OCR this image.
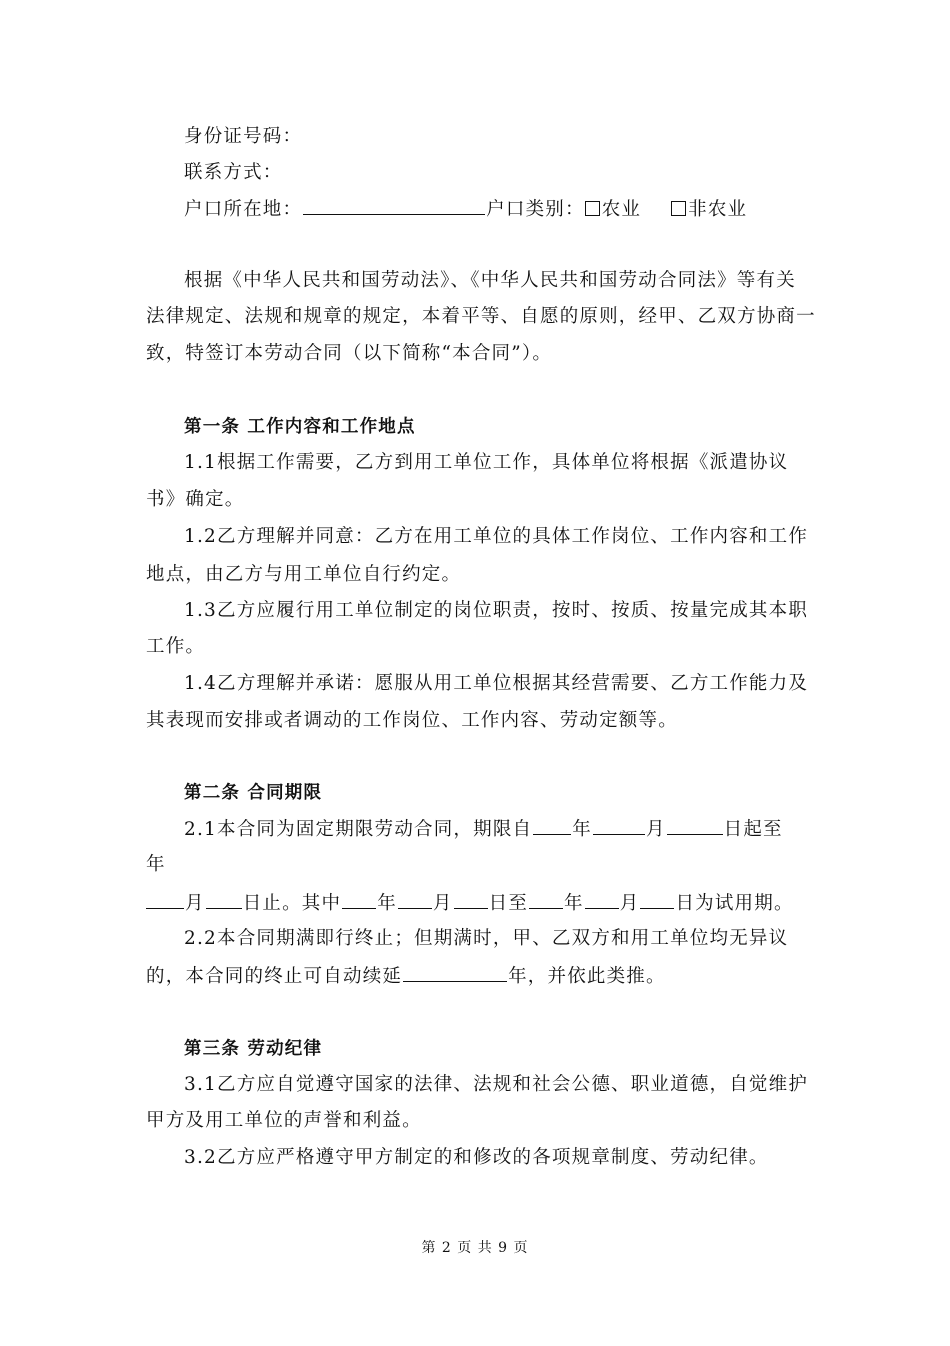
身份证号码：
联系方式：
户口所在地：	户口类别： 农业	非农业
根据《中华人民共和国劳动法》、《中华人民共和国劳动合同法》等有关
法律规定、法规和规章的规定，本着平等、自愿的原则，经甲、乙双方协商一
致，特签订本劳动合同（以下简称“本合同”）。
第一条 工作内容和工作地点
1.1根据工作需要，乙方到用工单位工作，具体单位将根据《派遣协议
书》确定。
1.2乙方理解并同意：乙方在用工单位的具体工作岗位、工作内容和工作
地点，由乙方与用工单位自行约定。
1.3乙方应履行用工单位制定的岗位职责，按时、按质、按量完成其本职
工作。
1.4乙方理解并承诺：愿服从用工单位根据其经营需要、乙方工作能力及
其表现而安排或者调动的工作岗位、工作内容、劳动定额等。
第二条 合同期限
2.1本合同为固定期限劳动合同，期限自 年	月	日起至
年
月 日止。其中 年 月 日至 年 月 日为试用期。
2.2本合同期满即行终止；但期满时，甲、乙双方和用工单位均无异议
的，本合同的终止可自动续延	年，并依此类推。
第三条 劳动纪律
3.1乙方应自觉遵守国家的法律、法规和社会公德、职业道德，自觉维护
甲方及用工单位的声誉和利益。
3.2乙方应严格遵守甲方制定的和修改的各项规章制度、劳动纪律。
第 2 页 共 9 页
